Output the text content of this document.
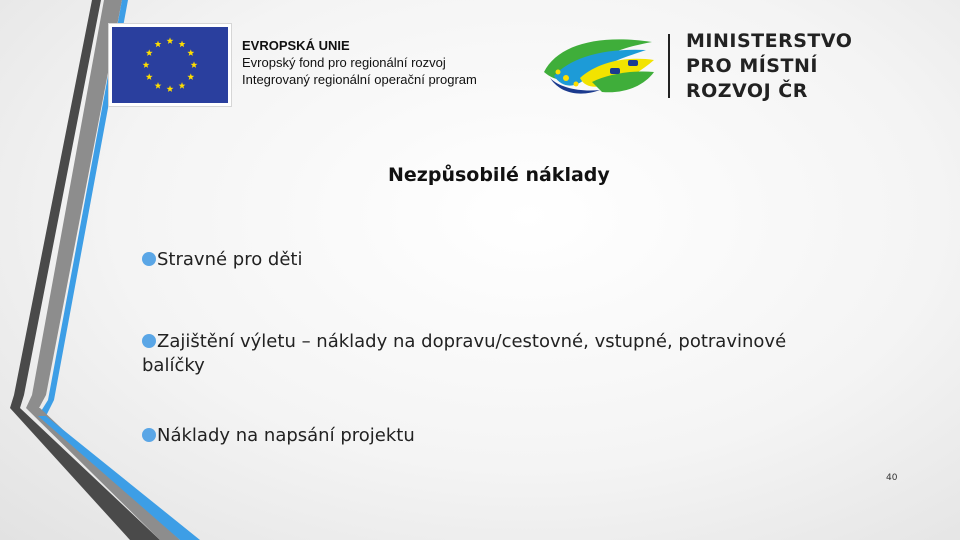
EVROPSKÁ UNIE
Evropský fond pro regionální rozvoj
Integrovaný regionální operační program
MINISTERSTVO
PRO MÍSTNÍ
ROZVOJ ČR
Nezpůsobilé náklady
Stravné pro děti
Zajištění výletu – náklady na dopravu/cestovné, vstupné, potravinové
balíčky
Náklady na napsání projektu
40
